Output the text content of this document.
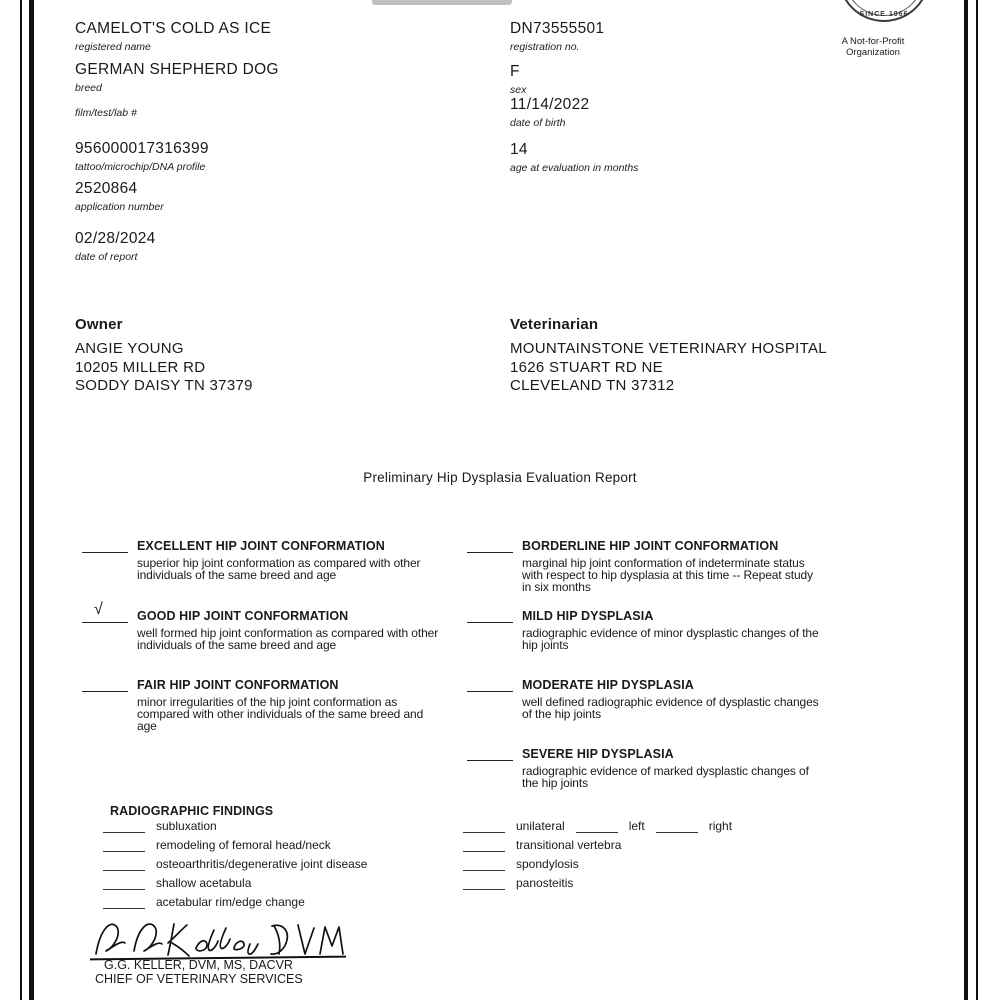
SINCE 1966
A Not-for-Profit
Organization
CAMELOT'S COLD AS ICE
registered name
GERMAN SHEPHERD DOG
breed
film/test/lab #
956000017316399
tattoo/microchip/DNA profile
2520864
application number
02/28/2024
date of report
DN73555501
registration no.
F
sex
11/14/2022
date of birth
14
age at evaluation in months
Owner
ANGIE YOUNG
10205 MILLER RD
SODDY DAISY TN 37379
Veterinarian
MOUNTAINSTONE VETERINARY HOSPITAL
1626 STUART RD NE
CLEVELAND TN 37312
Preliminary Hip Dysplasia Evaluation Report
EXCELLENT HIP JOINT CONFORMATION
superior hip joint conformation as compared with other individuals of the same breed and age
√	GOOD HIP JOINT CONFORMATION
well formed hip joint conformation as compared with other individuals of the same breed and age
FAIR HIP JOINT CONFORMATION
minor irregularities of the hip joint conformation as compared with other individuals of the same breed and age
BORDERLINE HIP JOINT CONFORMATION
marginal hip joint conformation of indeterminate status with respect to hip dysplasia at this time -- Repeat study in six months
MILD HIP DYSPLASIA
radiographic evidence of minor dysplastic changes of the hip joints
MODERATE HIP DYSPLASIA
well defined radiographic evidence of dysplastic changes of the hip joints
SEVERE HIP DYSPLASIA
radiographic evidence of marked dysplastic changes of the hip joints
RADIOGRAPHIC FINDINGS
subluxation
remodeling of femoral head/neck
osteoarthritis/degenerative joint disease
shallow acetabula
acetabular rim/edge change
unilateral	left	right
transitional vertebra
spondylosis
panosteitis
G.G. KELLER, DVM, MS, DACVR
CHIEF OF VETERINARY SERVICES
